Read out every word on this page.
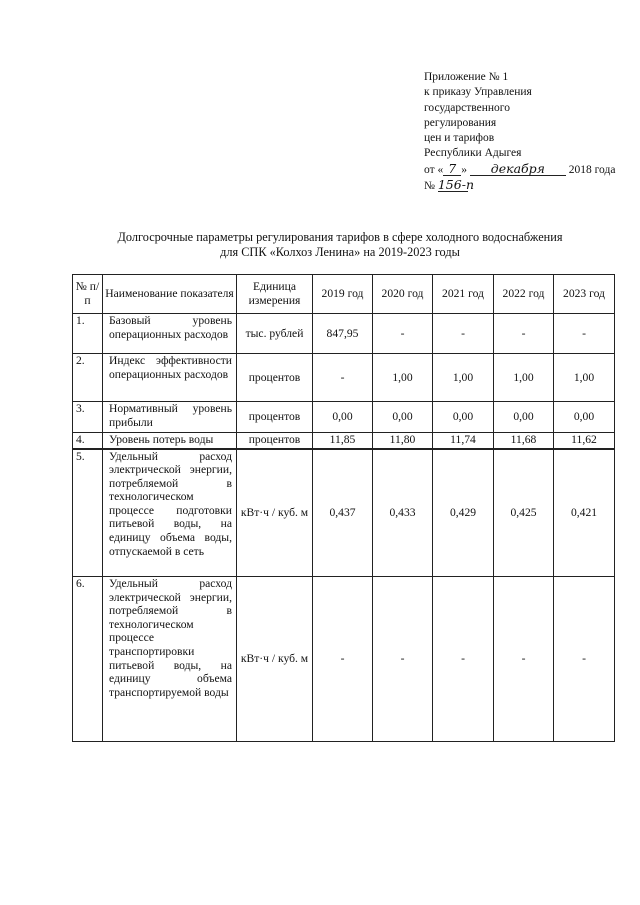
Приложение № 1
к приказу Управления
государственного
регулирования
цен и тарифов
Республики Адыгея
от « 7 » декабря 2018 года
№ 156-п
Долгосрочные параметры регулирования тарифов в сфере холодного водоснабжения
для СПК «Колхоз Ленина» на 2019-2023 годы
№ п/п	Наименование показателя	Единица измерения	2019 год	2020 год	2021 год	2022 год	2023 год
1.	Базовый уровень операционных расходов	тыс. рублей	847,95	-	-	-	-
2.	Индекс эффективности операционных расходов	процентов	-	1,00	1,00	1,00	1,00
3.	Нормативный уровень прибыли	процентов	0,00	0,00	0,00	0,00	0,00
4.	Уровень потерь воды	процентов	11,85	11,80	11,74	11,68	11,62
5.	Удельный расход электрической энергии, потребляемой в технологическом процессе подготовки питьевой воды, на единицу объема воды, отпускаемой в сеть	кВт·ч / куб. м	0,437	0,433	0,429	0,425	0,421
6.	Удельный расход электрической энергии, потребляемой в технологическом процессе транспортировки питьевой воды, на единицу объема транспортируемой воды	кВт·ч / куб. м	-	-	-	-	-
